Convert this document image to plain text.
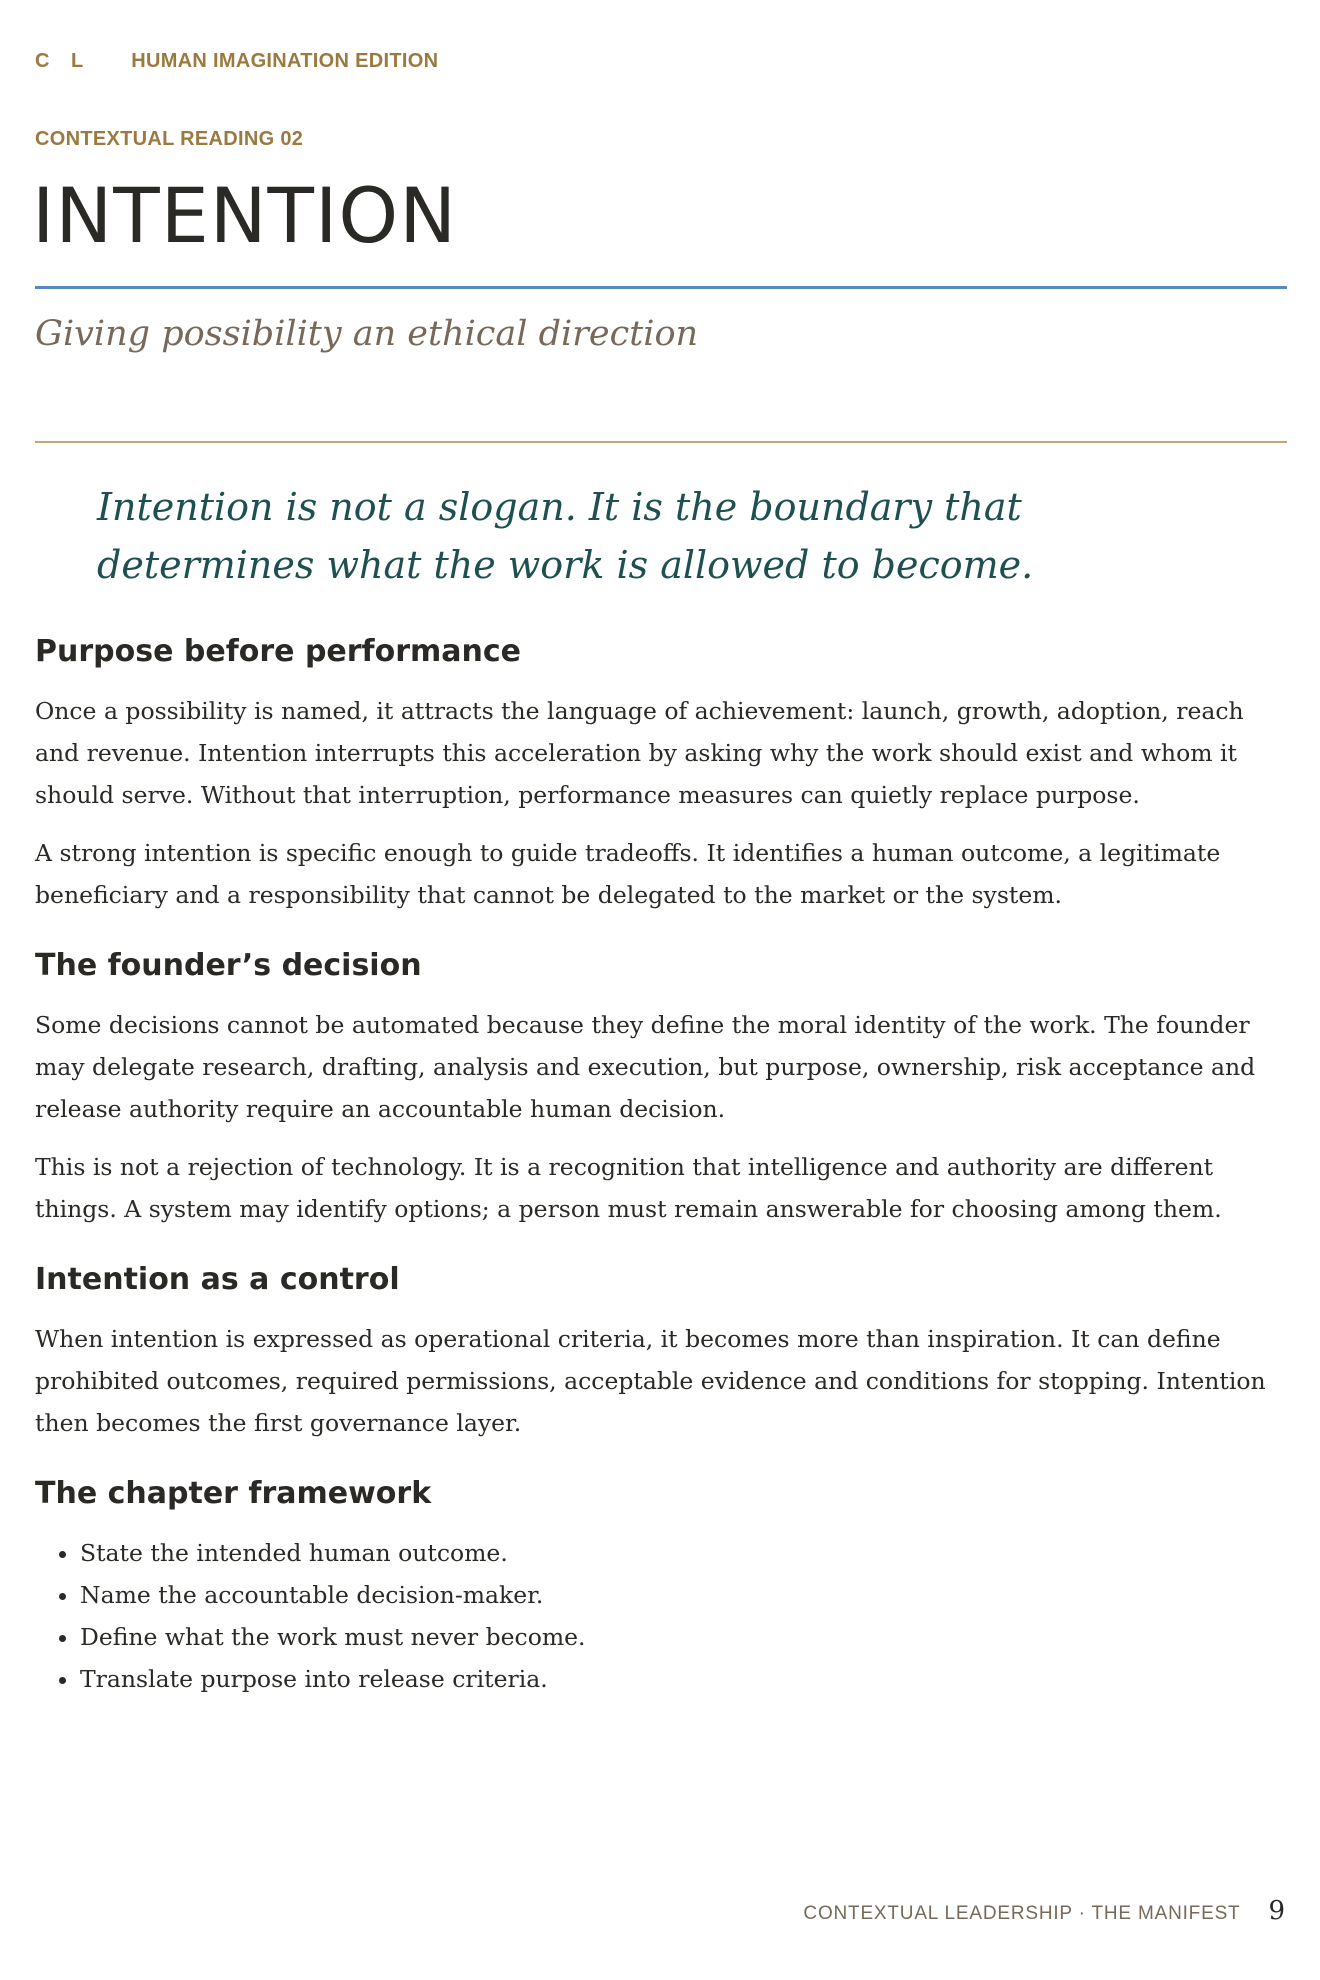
C L HUMAN IMAGINATION EDITION
CONTEXTUAL READING 02
INTENTION
Giving possibility an ethical direction
Intention is not a slogan. It is the boundary that determines what the work is allowed to become.
Purpose before performance

Once a possibility is named, it attracts the language of achievement: launch, growth, adoption, reach and revenue. Intention interrupts this acceleration by asking why the work should exist and whom it should serve. Without that interruption, performance measures can quietly replace purpose.

A strong intention is specific enough to guide tradeoffs. It identifies a human outcome, a legitimate beneficiary and a responsibility that cannot be delegated to the market or the system.

The founder’s decision

Some decisions cannot be automated because they define the moral identity of the work. The founder may delegate research, drafting, analysis and execution, but purpose, ownership, risk acceptance and release authority require an accountable human decision.

This is not a rejection of technology. It is a recognition that intelligence and authority are different things. A system may identify options; a person must remain answerable for choosing among them.

Intention as a control

When intention is expressed as operational criteria, it becomes more than inspiration. It can define prohibited outcomes, required permissions, acceptable evidence and conditions for stopping. Intention then becomes the first governance layer.

The chapter framework
• State the intended human outcome.
• Name the accountable decision-maker.
• Define what the work must never become.
• Translate purpose into release criteria.
CONTEXTUAL LEADERSHIP · THE MANIFEST 9
